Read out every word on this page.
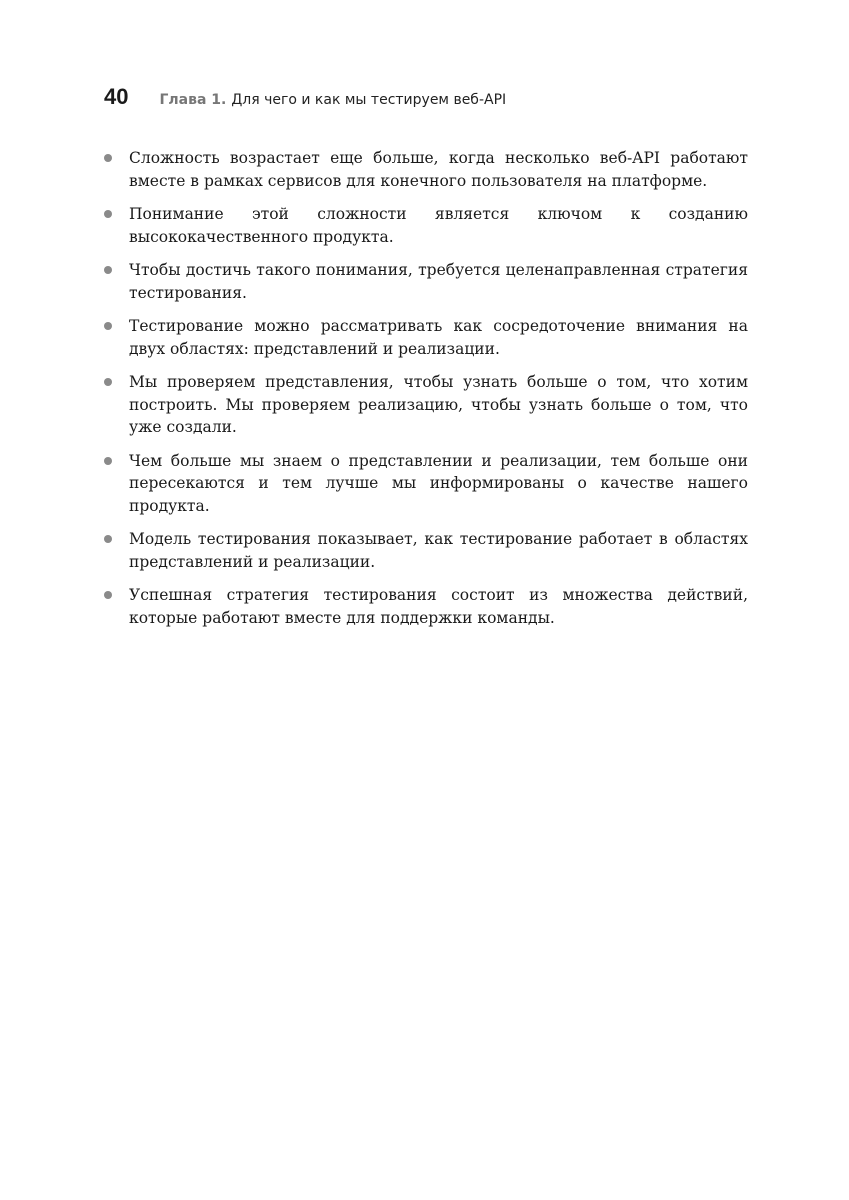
40 Глава 1. Для чего и как мы тестируем веб-API
Сложность возрастает еще больше, когда несколько веб-API работают вместе в рамках сервисов для конечного пользователя на платформе.
Понимание этой сложности является ключом к созданию высококачественного продукта.
Чтобы достичь такого понимания, требуется целенаправленная стратегия тестирования.
Тестирование можно рассматривать как сосредоточение внимания на двух областях: представлений и реализации.
Мы проверяем представления, чтобы узнать больше о том, что хотим построить. Мы проверяем реализацию, чтобы узнать больше о том, что уже создали.
Чем больше мы знаем о представлении и реализации, тем больше они пересекаются и тем лучше мы информированы о качестве нашего продукта.
Модель тестирования показывает, как тестирование работает в областях представлений и реализации.
Успешная стратегия тестирования состоит из множества действий, которые работают вместе для поддержки команды.
